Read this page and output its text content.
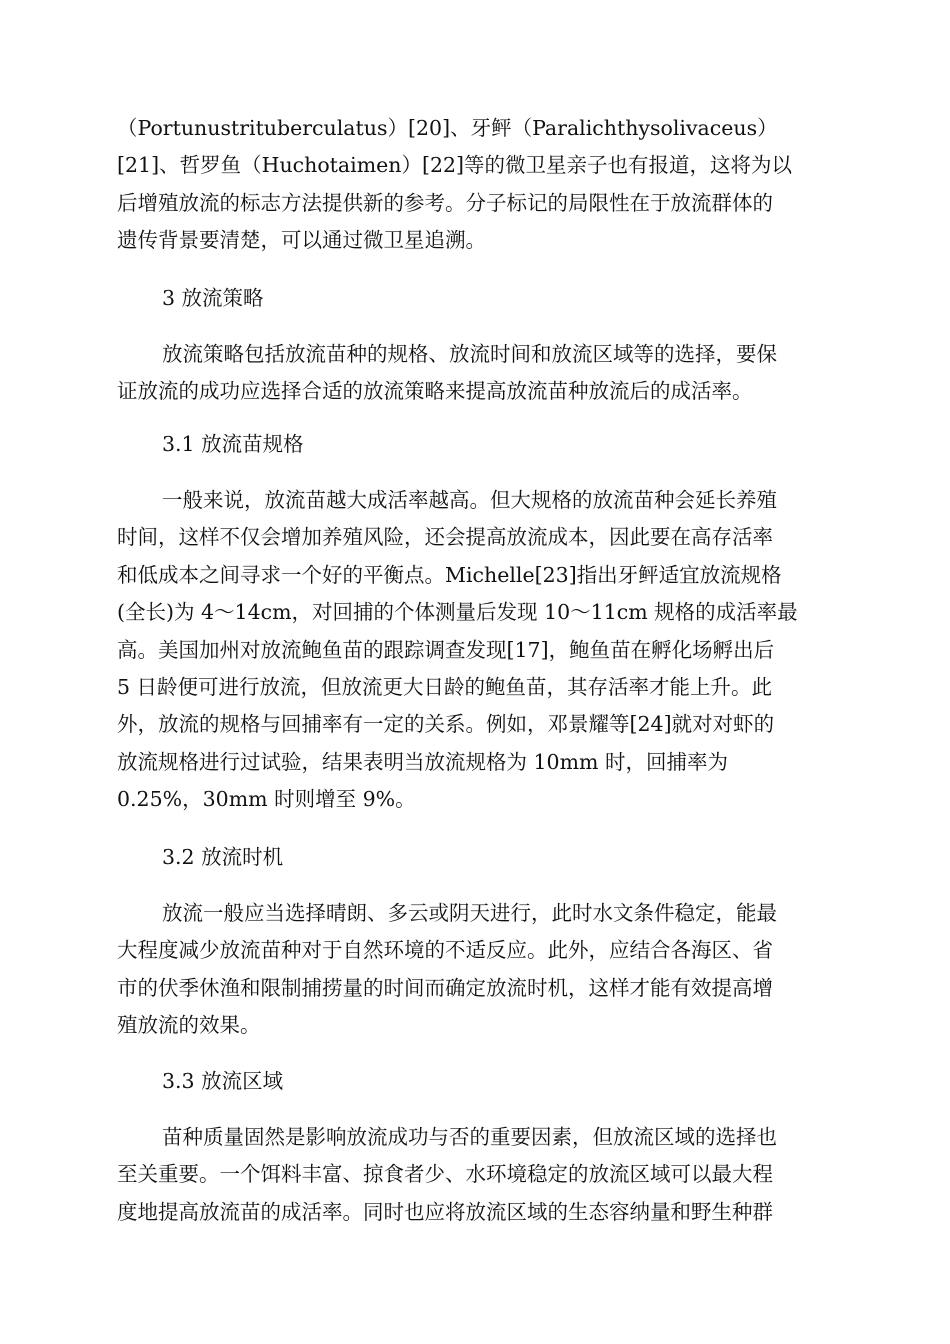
（Portunustrituberculatus）[20]、牙鲆（Paralichthysolivaceus）
[21]、哲罗鱼（Huchotaimen）[22]等的微卫星亲子也有报道，这将为以
后增殖放流的标志方法提供新的参考。分子标记的局限性在于放流群体的
遗传背景要清楚，可以通过微卫星追溯。
3 放流策略
放流策略包括放流苗种的规格、放流时间和放流区域等的选择，要保
证放流的成功应选择合适的放流策略来提高放流苗种放流后的成活率。
3.1 放流苗规格
一般来说，放流苗越大成活率越高。但大规格的放流苗种会延长养殖
时间，这样不仅会增加养殖风险，还会提高放流成本，因此要在高存活率
和低成本之间寻求一个好的平衡点。Michelle[23]指出牙鲆适宜放流规格
(全长)为 4～14cm，对回捕的个体测量后发现 10～11cm 规格的成活率最
高。美国加州对放流鲍鱼苗的跟踪调查发现[17]，鲍鱼苗在孵化场孵出后
5 日龄便可进行放流，但放流更大日龄的鲍鱼苗，其存活率才能上升。此
外，放流的规格与回捕率有一定的关系。例如，邓景耀等[24]就对对虾的
放流规格进行过试验，结果表明当放流规格为 10mm 时，回捕率为
0.25%，30mm 时则增至 9%。
3.2 放流时机
放流一般应当选择晴朗、多云或阴天进行，此时水文条件稳定，能最
大程度减少放流苗种对于自然环境的不适反应。此外，应结合各海区、省
市的伏季休渔和限制捕捞量的时间而确定放流时机，这样才能有效提高增
殖放流的效果。
3.3 放流区域
苗种质量固然是影响放流成功与否的重要因素，但放流区域的选择也
至关重要。一个饵料丰富、掠食者少、水环境稳定的放流区域可以最大程
度地提高放流苗的成活率。同时也应将放流区域的生态容纳量和野生种群
